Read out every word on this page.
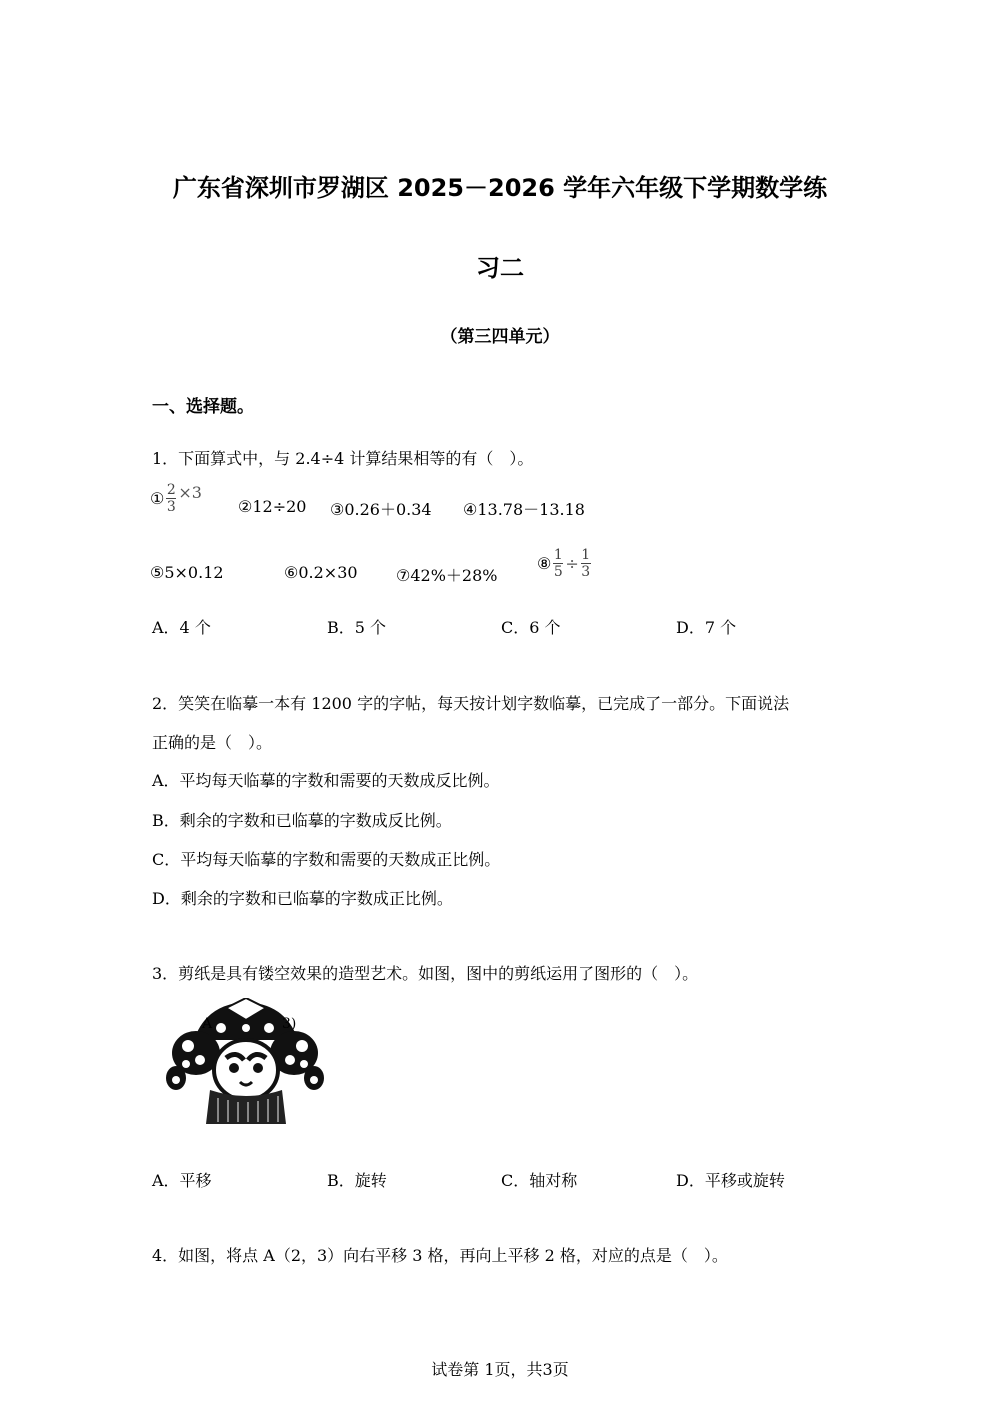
广东省深圳市罗湖区 2025－2026 学年六年级下学期数学练
习二
（第三四单元）
一、选择题。
1．下面算式中，与 2.4÷4 计算结果相等的有（　）。
① $\frac{2}{3} \times 3$
②12÷20 ③0.26＋0.34 ④13.78－13.18
⑤5×0.12	⑥0.2×30 ⑦42%＋28%
⑧ $\frac{1}{5} \div \frac{1}{3}$
A．4 个	B．5 个	C．6 个	D．7 个
2．笑笑在临摹一本有 1200 字的字帖，每天按计划字数临摹，已完成了一部分。下面说法
正确的是（　）。
A．平均每天临摹的字数和需要的天数成反比例。
B．剩余的字数和已临摹的字数成反比例。
C．平均每天临摹的字数和需要的天数成正比例。
D．剩余的字数和已临摹的字数成正比例。
3．剪纸是具有镂空效果的造型艺术。如图，图中的剪纸运用了图形的（　）。
A	3)
A．平移	B．旋转	C．轴对称	D．平移或旋转
4．如图，将点 A（2，3）向右平移 3 格，再向上平移 2 格，对应的点是（　）。
试卷第 1页，共3页
